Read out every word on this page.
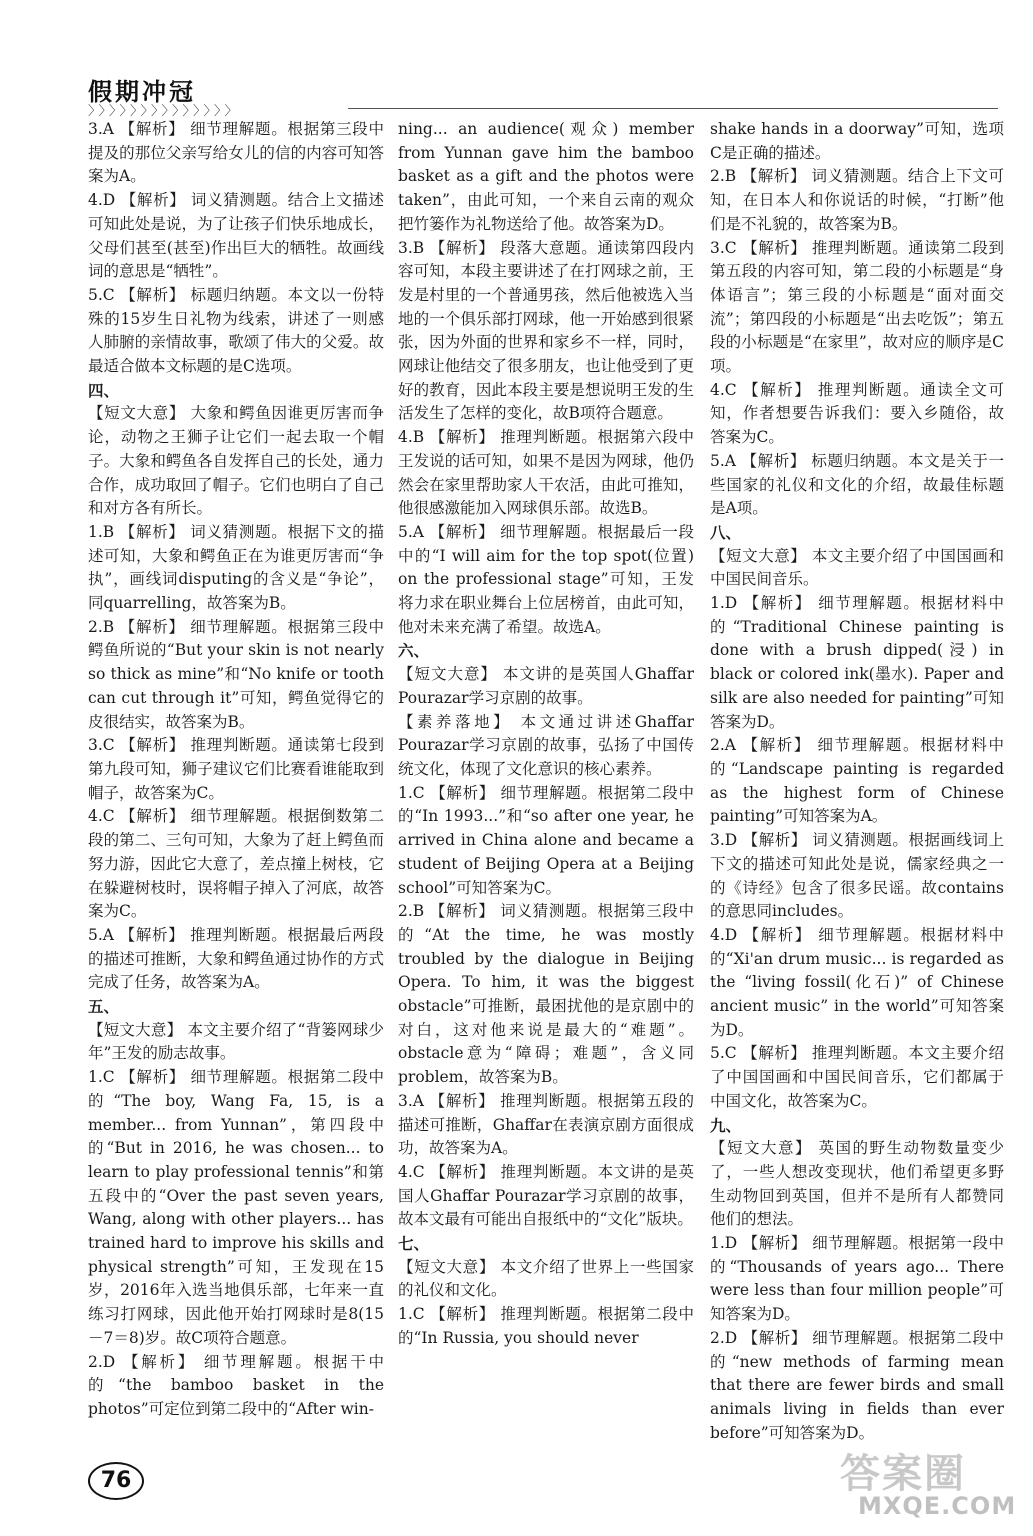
假期冲冠
〉〉〉〉〉〉〉〉〉〉〉〉〉〉

3.A 【解析】 细节理解题。根据第三段中提及的那位父亲写给女儿的信的内容可知答案为A。

4.D 【解析】 词义猜测题。结合上文描述可知此处是说，为了让孩子们快乐地成长，父母们甚至(甚至)作出巨大的牺牲。故画线词的意思是“牺牲”。

5.C 【解析】 标题归纳题。本文以一份特殊的15岁生日礼物为线索，讲述了一则感人肺腑的亲情故事，歌颂了伟大的父爱。故最适合做本文标题的是C选项。

四、

【短文大意】 大象和鳄鱼因谁更厉害而争论，动物之王狮子让它们一起去取一个帽子。大象和鳄鱼各自发挥自己的长处，通力合作，成功取回了帽子。它们也明白了自己和对方各有所长。

1.B 【解析】 词义猜测题。根据下文的描述可知，大象和鳄鱼正在为谁更厉害而“争执”，画线词disputing的含义是“争论”，同quarrelling，故答案为B。

2.B 【解析】 细节理解题。根据第三段中鳄鱼所说的“But your skin is not nearly so thick as mine”和“No knife or tooth can cut through it”可知，鳄鱼觉得它的皮很结实，故答案为B。

3.C 【解析】 推理判断题。通读第七段到第九段可知，狮子建议它们比赛看谁能取到帽子，故答案为C。

4.C 【解析】 细节理解题。根据倒数第二段的第二、三句可知，大象为了赶上鳄鱼而努力游，因此它大意了，差点撞上树枝，它在躲避树枝时，误将帽子掉入了河底，故答案为C。

5.A 【解析】 推理判断题。根据最后两段的描述可推断，大象和鳄鱼通过协作的方式完成了任务，故答案为A。

五、

【短文大意】 本文主要介绍了“背篓网球少年”王发的励志故事。

1.C 【解析】 细节理解题。根据第二段中的“The boy, Wang Fa, 15, is a member... from Yunnan”，第四段中的“But in 2016, he was chosen... to learn to play professional tennis”和第五段中的“Over the past seven years, Wang, along with other players... has trained hard to improve his skills and physical strength”可知，王发现在15岁，2016年入选当地俱乐部，七年来一直练习打网球，因此他开始打网球时是8(15－7＝8)岁。故C项符合题意。

2.D 【解析】 细节理解题。根据干中的“the bamboo basket in the photos”可定位到第二段中的“After win-

ning... an audience(观众) member from Yunnan gave him the bamboo basket as a gift and the photos were taken”，由此可知，一个来自云南的观众把竹篓作为礼物送给了他。故答案为D。

3.B 【解析】 段落大意题。通读第四段内容可知，本段主要讲述了在打网球之前，王发是村里的一个普通男孩，然后他被选入当地的一个俱乐部打网球，他一开始感到很紧张，因为外面的世界和家乡不一样，同时，网球让他结交了很多朋友，也让他受到了更好的教育，因此本段主要是想说明王发的生活发生了怎样的变化，故B项符合题意。

4.B 【解析】 推理判断题。根据第六段中王发说的话可知，如果不是因为网球，他仍然会在家里帮助家人干农活，由此可推知，他很感激能加入网球俱乐部。故选B。

5.A 【解析】 细节理解题。根据最后一段中的“I will aim for the top spot(位置) on the professional stage”可知，王发将力求在职业舞台上位居榜首，由此可知，他对未来充满了希望。故选A。

六、

【短文大意】 本文讲的是英国人Ghaffar Pourazar学习京剧的故事。

【素养落地】 本文通过讲述Ghaffar Pourazar学习京剧的故事，弘扬了中国传统文化，体现了文化意识的核心素养。

1.C 【解析】 细节理解题。根据第二段中的“In 1993...”和“so after one year, he arrived in China alone and became a student of Beijing Opera at a Beijing school”可知答案为C。

2.B 【解析】 词义猜测题。根据第三段中的“At the time, he was mostly troubled by the dialogue in Beijing Opera. To him, it was the biggest obstacle”可推断，最困扰他的是京剧中的对白，这对他来说是最大的“难题”。obstacle意为“障碍；难题”，含义同problem，故答案为B。

3.A 【解析】 推理判断题。根据第五段的描述可推断，Ghaffar在表演京剧方面很成功，故答案为A。

4.C 【解析】 推理判断题。本文讲的是英国人Ghaffar Pourazar学习京剧的故事，故本文最有可能出自报纸中的“文化”版块。

七、

【短文大意】 本文介绍了世界上一些国家的礼仪和文化。

1.C 【解析】 推理判断题。根据第二段中的“In Russia, you should never

shake hands in a doorway”可知，选项C是正确的描述。

2.B 【解析】 词义猜测题。结合上下文可知，在日本人和你说话的时候，“打断”他们是不礼貌的，故答案为B。

3.C 【解析】 推理判断题。通读第二段到第五段的内容可知，第二段的小标题是“身体语言”；第三段的小标题是“面对面交流”；第四段的小标题是“出去吃饭”；第五段的小标题是“在家里”，故对应的顺序是C项。

4.C 【解析】 推理判断题。通读全文可知，作者想要告诉我们：要入乡随俗，故答案为C。

5.A 【解析】 标题归纳题。本文是关于一些国家的礼仪和文化的介绍，故最佳标题是A项。

八、

【短文大意】 本文主要介绍了中国国画和中国民间音乐。

1.D 【解析】 细节理解题。根据材料中的“Traditional Chinese painting is done with a brush dipped(浸) in black or colored ink(墨水). Paper and silk are also needed for painting”可知答案为D。

2.A 【解析】 细节理解题。根据材料中的“Landscape painting is regarded as the highest form of Chinese painting”可知答案为A。

3.D 【解析】 词义猜测题。根据画线词上下文的描述可知此处是说，儒家经典之一的《诗经》包含了很多民谣。故contains的意思同includes。

4.D 【解析】 细节理解题。根据材料中的“Xi'an drum music... is regarded as the “living fossil(化石)” of Chinese ancient music” in the world”可知答案为D。

5.C 【解析】 推理判断题。本文主要介绍了中国国画和中国民间音乐，它们都属于中国文化，故答案为C。

九、

【短文大意】 英国的野生动物数量变少了，一些人想改变现状，他们希望更多野生动物回到英国，但并不是所有人都赞同他们的想法。

1.D 【解析】 细节理解题。根据第一段中的“Thousands of years ago... There were less than four million people”可知答案为D。

2.D 【解析】 细节理解题。根据第二段中的“new methods of farming mean that there are fewer birds and small animals living in fields than ever before”可知答案为D。

76	答案圈
MXQE.COM
